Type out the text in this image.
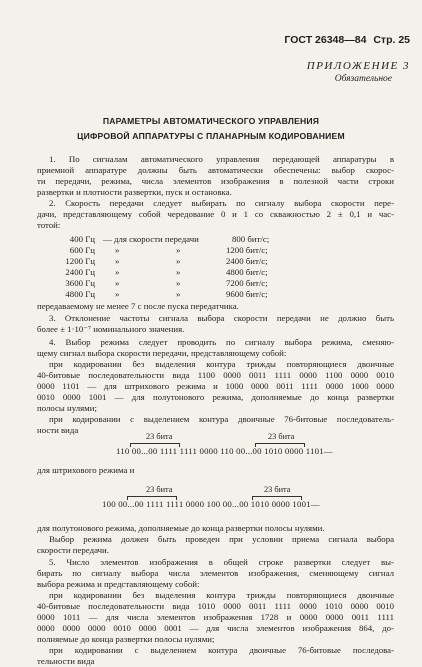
ГОСТ 26348—84 Стр. 25
ПРИЛОЖЕНИЕ 3
Обязательное
ПАРАМЕТРЫ АВТОМАТИЧЕСКОГО УПРАВЛЕНИЯ
ЦИФРОВОЙ АППАРАТУРЫ С ПЛАНАРНЫМ КОДИРОВАНИЕМ
1. По сигналам автоматического управления передающей аппаратуры в
приемной аппаратуре должны быть автоматически обеспечены: выбор скорос-
ти передачи, режима, числа элементов изображения в полезной части строки
развертки и плотности развертки, пуск и остановка.
2. Скорость передачи следует выбирать по сигналу выбора скорости пере-
дачи, представляющему собой чередование 0 и 1 со скважностью 2 ± 0,1 и час-
тотой:
400 Гц — для скорости передачи	800 бит/с;
600 Гц »	»	1200 бит/с;
1200 Гц »	»	2400 бит/с;
2400 Гц »	»	4800 бит/с;
3600 Гц »	»	7200 бит/с;
4800 Гц »	»	9600 бит/с;
передаваемому не менее 7 с после пуска передатчика.
3. Отклонение частоты сигнала выбора скорости передачи не должно быть
более ± 1·10⁻⁷ номинального значения.
4. Выбор режима следует проводить по сигналу выбора режима, сменяю-
щему сигнал выбора скорости передачи, представляющему собой:
при кодировании без выделения контура трижды повторяющиеся двоичные
40-битовые последовательности вида 1100 0000 0011 1111 0000 1100 0000 0010
0000 1101 — для штрихового режима и 1000 0000 0011 1111 0000 1000 0000
0010 0000 1001 — для полутонового режима, дополняемые до конца развертки
полосы нулями;
при кодировании с выделением контура двоичные 76-битовые последователь-
ности вида
23 бита	23 бита
110 00...00 1111 1111 0000 110 00...00 1010 0000 1101—
для штрихового режима и
23 бита	23 бита
100 00...00 1111 1111 0000 100 00...00 1010 0000 1001—
для полутонового режима, дополняемые до конца развертки полосы нулями.
Выбор режима должен быть проведен при условии приема сигнала выбора
скорости передачи.
5. Число элементов изображения в общей строке развертки следует вы-
бирать по сигналу выбора числа элементов изображения, сменяющему сигнал
выбора режима и представляющему собой:
при кодировании без выделения контура трижды повторяющиеся двоичные
40-битовые последовательности вида 1010 0000 0011 1111 0000 1010 0000 0010
0000 1011 — для числа элементов изображения 1728 и 0000 0000 0011 1111
0000 0000 0000 0010 0000 0001 — для числа элементов изображения 864, до-
полняемые до конца развертки полосы нулями;
при кодировании с выделением контура двоичные 76-битовые последова-
тельности вида
